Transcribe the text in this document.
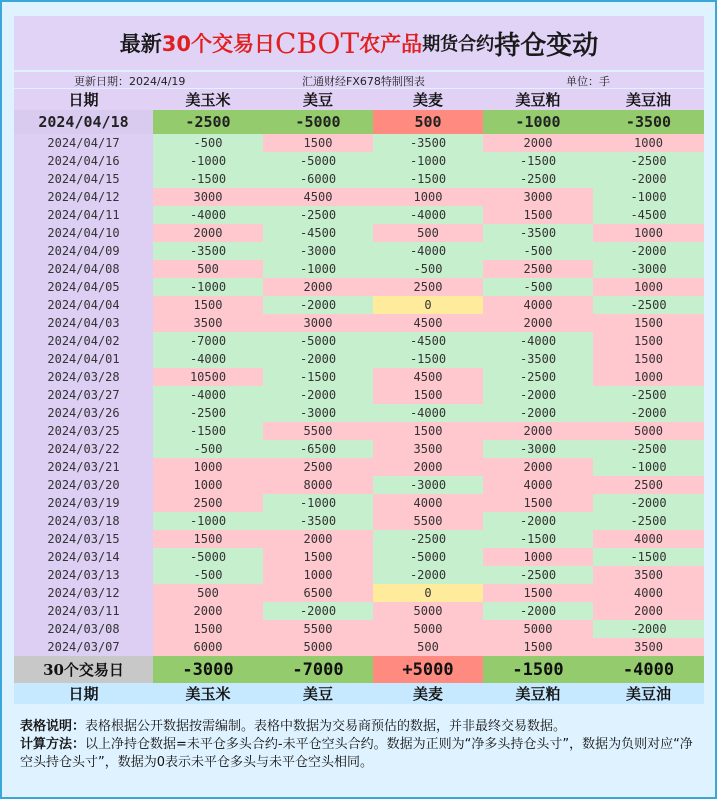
最新 30个交易日 CBOT 农产品 期货合约 持仓变动
更新日期：2024/4/19	汇通财经FX678特制图表	单位：手
日期	美玉米	美豆	美麦	美豆粕	美豆油
2024/04/18	-2500	-5000	500	-1000	-3500
2024/04/17	-500	1500	-3500	2000	1000
2024/04/16	-1000	-5000	-1000	-1500	-2500
2024/04/15	-1500	-6000	-1500	-2500	-2000
2024/04/12	3000	4500	1000	3000	-1000
2024/04/11	-4000	-2500	-4000	1500	-4500
2024/04/10	2000	-4500	500	-3500	1000
2024/04/09	-3500	-3000	-4000	-500	-2000
2024/04/08	500	-1000	-500	2500	-3000
2024/04/05	-1000	2000	2500	-500	1000
2024/04/04	1500	-2000	0	4000	-2500
2024/04/03	3500	3000	4500	2000	1500
2024/04/02	-7000	-5000	-4500	-4000	1500
2024/04/01	-4000	-2000	-1500	-3500	1500
2024/03/28	10500	-1500	4500	-2500	1000
2024/03/27	-4000	-2000	1500	-2000	-2500
2024/03/26	-2500	-3000	-4000	-2000	-2000
2024/03/25	-1500	5500	1500	2000	5000
2024/03/22	-500	-6500	3500	-3000	-2500
2024/03/21	1000	2500	2000	2000	-1000
2024/03/20	1000	8000	-3000	4000	2500
2024/03/19	2500	-1000	4000	1500	-2000
2024/03/18	-1000	-3500	5500	-2000	-2500
2024/03/15	1500	2000	-2500	-1500	4000
2024/03/14	-5000	1500	-5000	1000	-1500
2024/03/13	-500	1000	-2000	-2500	3500
2024/03/12	500	6500	0	1500	4000
2024/03/11	2000	-2000	5000	-2000	2000
2024/03/08	1500	5500	5000	5000	-2000
2024/03/07	6000	5000	500	1500	3500
30个交易日	-3000	-7000	+5000	-1500	-4000
日期	美玉米	美豆	美麦	美豆粕	美豆油

表格说明：表格根据公开数据按需编制。表格中数据为交易商预估的数据，并非最终交易数据。

计算方法：以上净持仓数据=未平仓多头合约-未平仓空头合约。数据为正则为“净多头持仓头寸”，数据为负则对应“净空头持仓头寸”，数据为0表示未平仓多头与未平仓空头相同。
